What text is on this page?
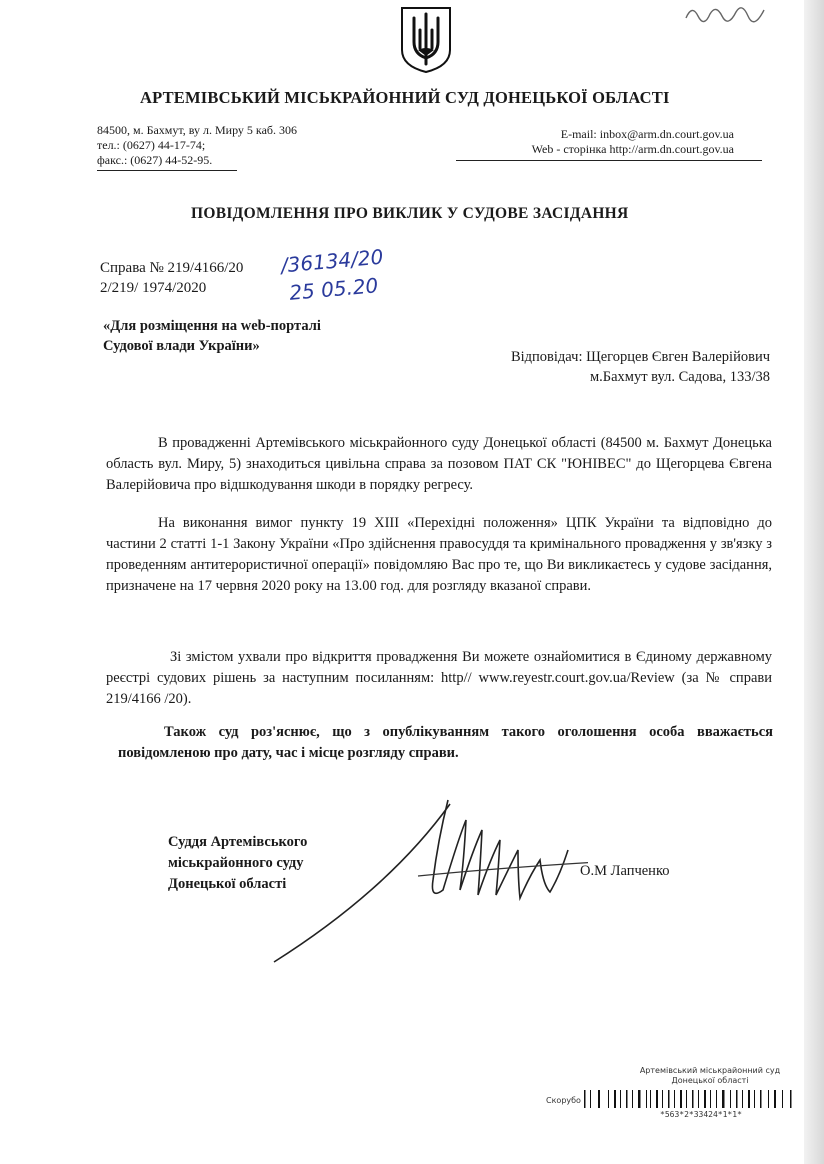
АРТЕМІВСЬКИЙ МІСЬКРАЙОННИЙ СУД ДОНЕЦЬКОЇ ОБЛАСТІ
84500, м. Бахмут, ву л. Миру 5 каб. 306
тел.: (0627) 44-17-74;
факс.: (0627) 44-52-95.
E-mail: inbox@arm.dn.court.gov.ua
Web - сторінка http://arm.dn.court.gov.ua
ПОВІДОМЛЕННЯ ПРО ВИКЛИК У СУДОВЕ ЗАСІДАННЯ
Справа № 219/4166/20
2/219/ 1974/2020
/36134/20
25 05.20
«Для розміщення на web-порталі
Судової влади України»
Відповідач: Щегорцев Євген Валерійович
м.Бахмут вул. Садова, 133/38
В провадженні Артемівського міськрайонного суду Донецької області (84500 м. Бахмут Донецька область вул. Миру, 5) знаходиться цивільна справа за позовом ПАТ СК "ЮНІВЕС" до Щегорцева Євгена Валерійовича про відшкодування шкоди в порядку регресу.
На виконання вимог пункту 19 XIII «Перехідні положення» ЦПК України та відповідно до частини 2 статті 1-1 Закону України «Про здійснення правосуддя та кримінального провадження у зв'язку з проведенням антитерористичної операції» повідомляю Вас про те, що Ви викликаєтесь у судове засідання, призначене на 17 червня 2020 року на 13.00 год. для розгляду вказаної справи.
Зі змістом ухвали про відкриття провадження Ви можете ознайомитися в Єдиному державному реєстрі судових рішень за наступним посиланням: http// www.reyestr.court.gov.ua/Review (за № справи 219/4166 /20).
Також суд роз'яснює, що з опублікуванням такого оголошення особа вважається повідомленою про дату, час і місце розгляду справи.
Суддя Артемівського
міськрайонного суду
Донецької області
О.М Лапченко
Артемівський міськрайонний суд
Донецької області
Скорубо
*563*2*33424*1*1*
